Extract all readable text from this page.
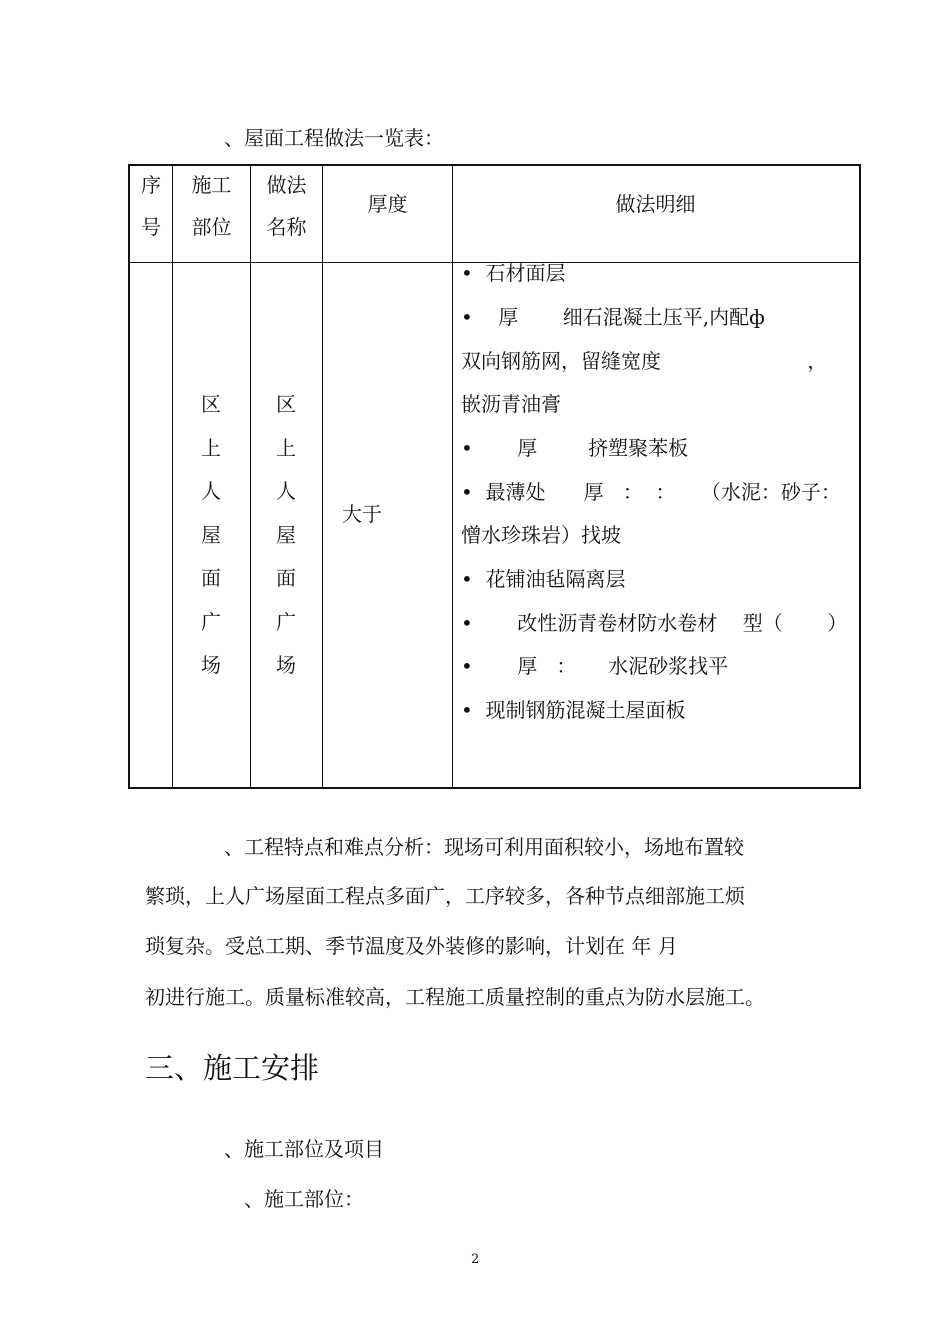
、屋面工程做法一览表：
序
号
施工
部位
做法
名称
厚度	做法明细
区上人屋面广场
区上人屋面广场
大于
•  石材面层
•    厚       细石混凝土压平,内配ф
双向钢筋网，留缝宽度                       ，
嵌沥青油膏
•       厚        挤塑聚苯板
•  最薄处      厚   ：  ：    （水泥：砂子：
憎水珍珠岩）找坡
•  花铺油毡隔离层
•       改性沥青卷材防水卷材    型（       ）
•       厚   ：     水泥砂浆找平
•  现制钢筋混凝土屋面板
、工程特点和难点分析：现场可利用面积较小，场地布置较
繁琐，上人广场屋面工程点多面广，工序较多，各种节点细部施工烦
琐复杂。受总工期、季节温度及外装修的影响，计划在 年 月
初进行施工。质量标准较高，工程施工质量控制的重点为防水层施工。
三、施工安排
、施工部位及项目
、施工部位：
2
